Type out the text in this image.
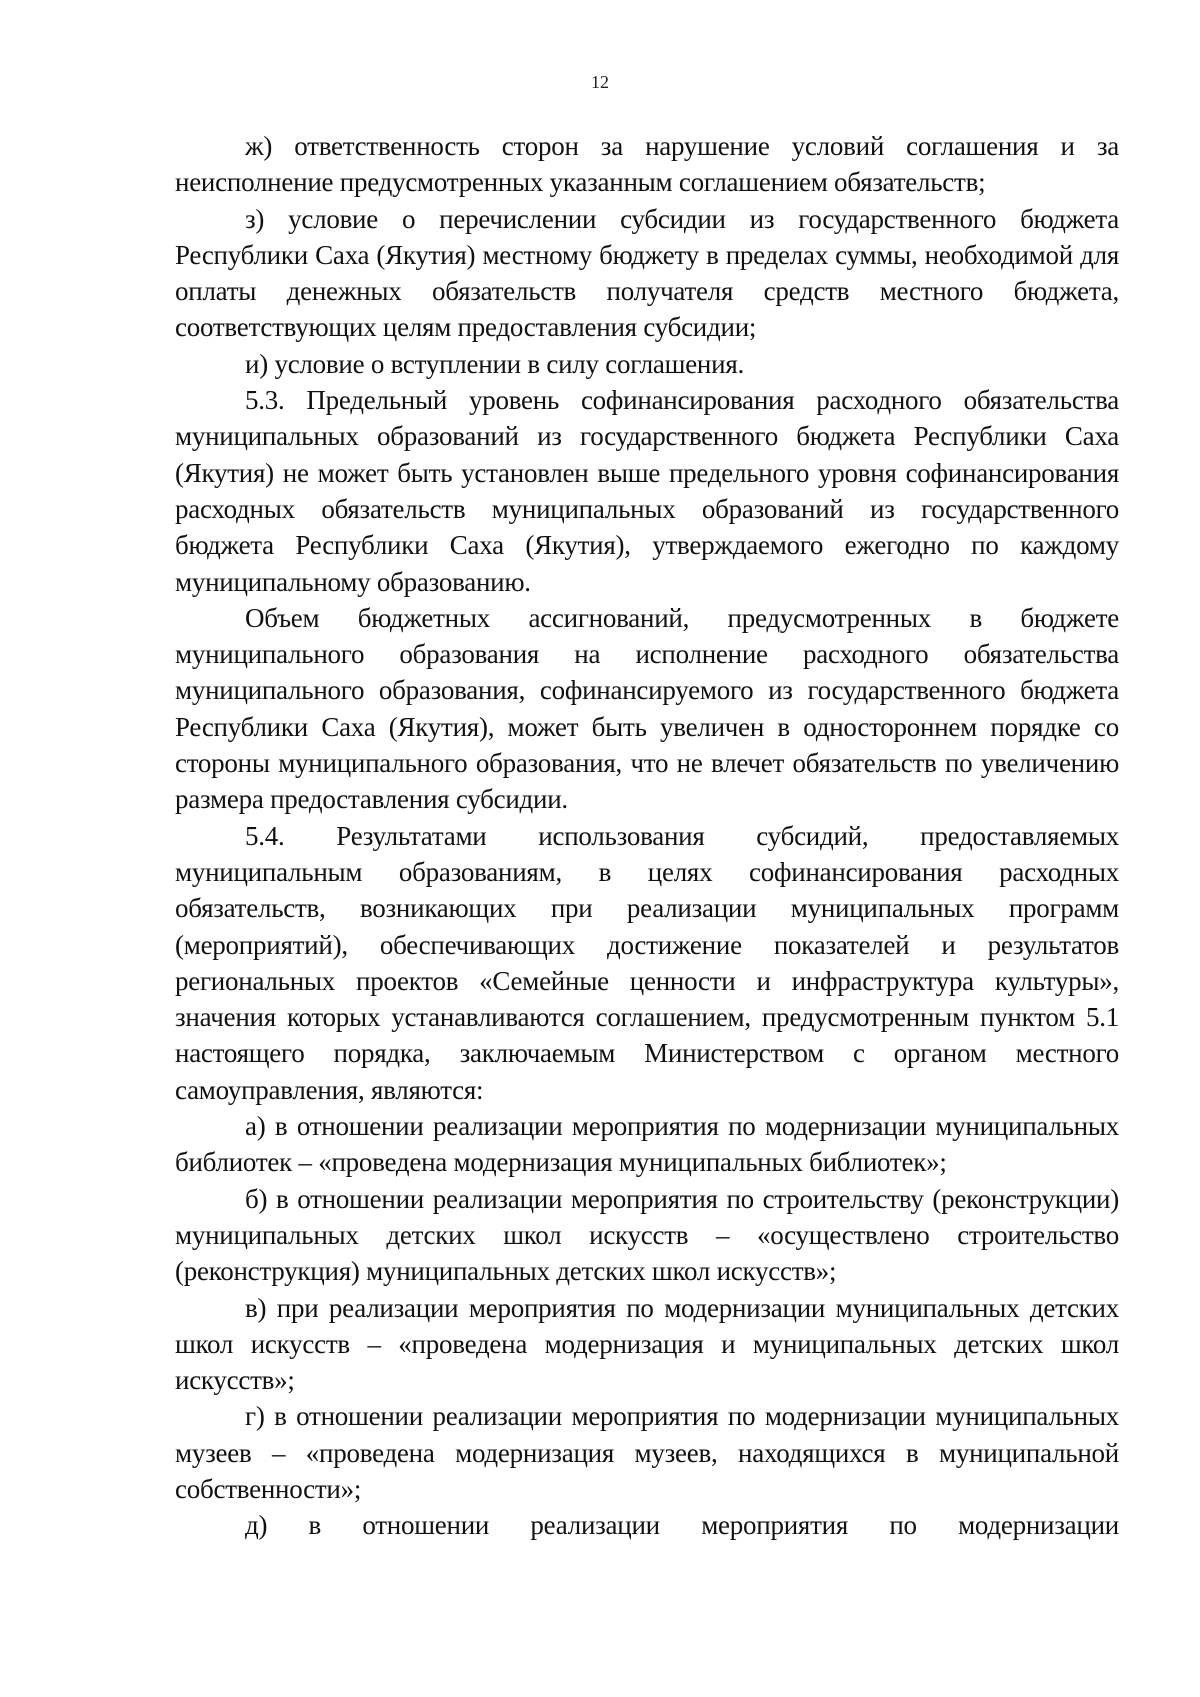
12

ж) ответственность сторон за нарушение условий соглашения и за неисполнение предусмотренных указанным соглашением обязательств;

з) условие о перечислении субсидии из государственного бюджета Республики Саха (Якутия) местному бюджету в пределах суммы, необходимой для оплаты денежных обязательств получателя средств местного бюджета, соответствующих целям предоставления субсидии;

и) условие о вступлении в силу соглашения.

5.3. Предельный уровень софинансирования расходного обязательства муниципальных образований из государственного бюджета Республики Саха (Якутия) не может быть установлен выше предельного уровня софинансирования расходных обязательств муниципальных образований из государственного бюджета Республики Саха (Якутия), утверждаемого ежегодно по каждому муниципальному образованию.

Объем бюджетных ассигнований, предусмотренных в бюджете муниципального образования на исполнение расходного обязательства муниципального образования, софинансируемого из государственного бюджета Республики Саха (Якутия), может быть увеличен в одностороннем порядке со стороны муниципального образования, что не влечет обязательств по увеличению размера предоставления субсидии.

5.4. Результатами использования субсидий, предоставляемых муниципальным образованиям, в целях софинансирования расходных обязательств, возникающих при реализации муниципальных программ (мероприятий), обеспечивающих достижение показателей и результатов региональных проектов «Семейные ценности и инфраструктура культуры», значения которых устанавливаются соглашением, предусмотренным пунктом 5.1 настоящего порядка, заключаемым Министерством с органом местного самоуправления, являются:

а) в отношении реализации мероприятия по модернизации муниципальных библиотек – «проведена модернизация муниципальных библиотек»;

б) в отношении реализации мероприятия по строительству (реконструкции) муниципальных детских школ искусств – «осуществлено строительство (реконструкция) муниципальных детских школ искусств»;

в) при реализации мероприятия по модернизации муниципальных детских школ искусств – «проведена модернизация и муниципальных детских школ искусств»;

г) в отношении реализации мероприятия по модернизации муниципальных музеев – «проведена модернизация музеев, находящихся в муниципальной собственности»;

д) в отношении реализации мероприятия по модернизации
